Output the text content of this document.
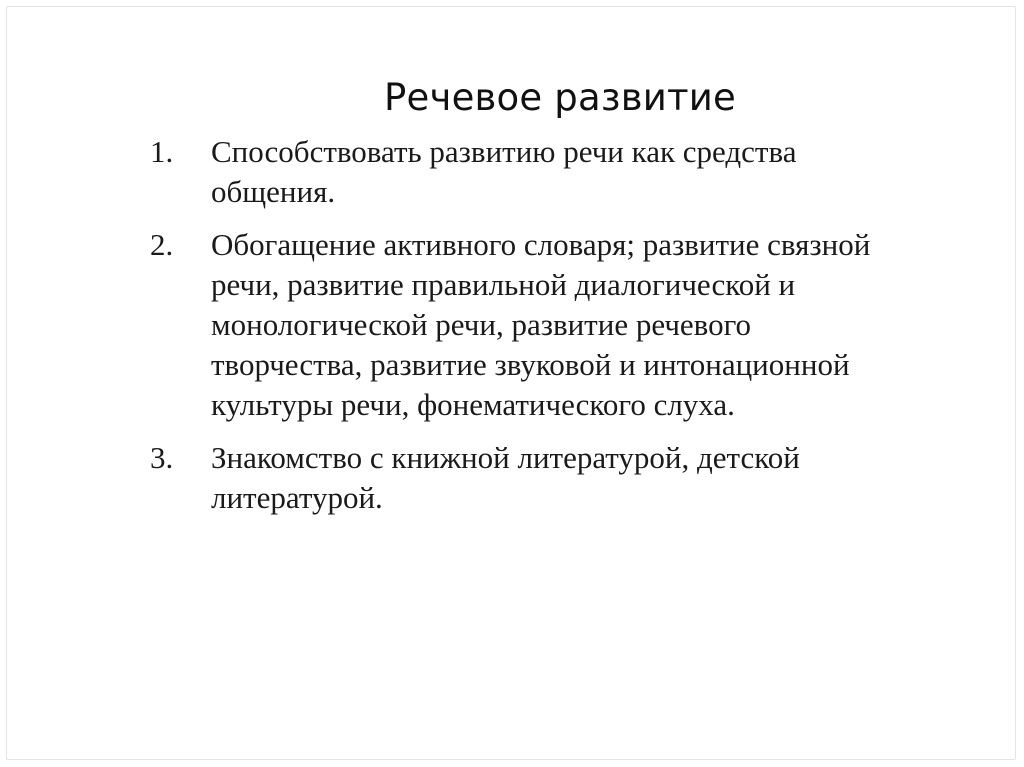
Речевое развитие
1.	Способствовать развитию речи как средства
общения.
2.	Обогащение активного словаря; развитие связной
речи, развитие правильной диалогической и
монологической речи, развитие речевого
творчества, развитие звуковой и интонационной
культуры речи, фонематического слуха.
3.	Знакомство с книжной литературой, детской
литературой.
